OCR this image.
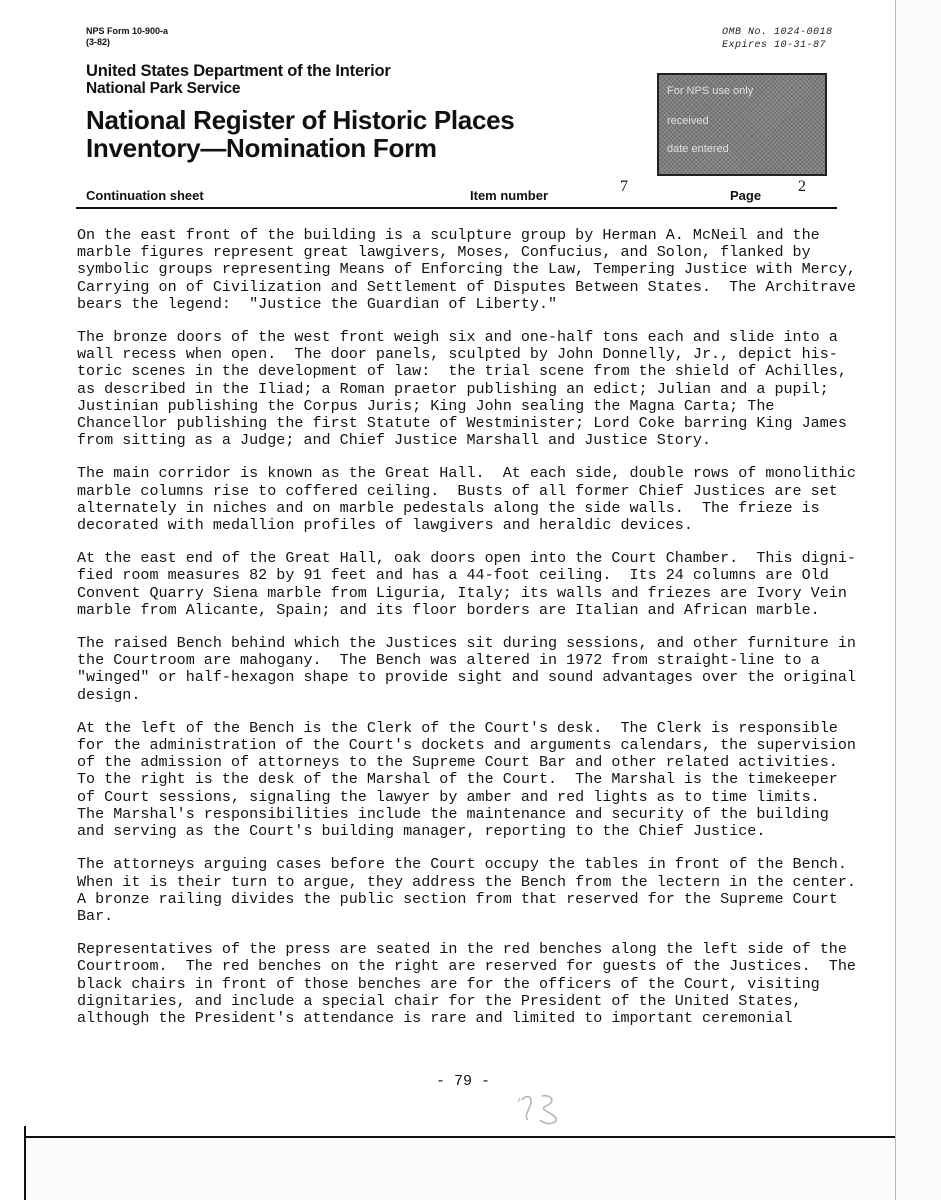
NPS Form 10-900-a
(3-82)
OMB No. 1024-0018
Expires 10-31-87
United States Department of the Interior
National Park Service
National Register of Historic Places
Inventory—Nomination Form
For NPS use only
received
date entered
Continuation sheet	Item number
7
Page
2
On the east front of the building is a sculpture group by Herman A. McNeil and the
marble figures represent great lawgivers, Moses, Confucius, and Solon, flanked by
symbolic groups representing Means of Enforcing the Law, Tempering Justice with Mercy,
Carrying on of Civilization and Settlement of Disputes Between States.  The Architrave
bears the legend:  "Justice the Guardian of Liberty."
The bronze doors of the west front weigh six and one-half tons each and slide into a
wall recess when open.  The door panels, sculpted by John Donnelly, Jr., depict his-
toric scenes in the development of law:  the trial scene from the shield of Achilles,
as described in the Iliad; a Roman praetor publishing an edict; Julian and a pupil;
Justinian publishing the Corpus Juris; King John sealing the Magna Carta; The
Chancellor publishing the first Statute of Westminister; Lord Coke barring King James
from sitting as a Judge; and Chief Justice Marshall and Justice Story.
The main corridor is known as the Great Hall.  At each side, double rows of monolithic
marble columns rise to coffered ceiling.  Busts of all former Chief Justices are set
alternately in niches and on marble pedestals along the side walls.  The frieze is
decorated with medallion profiles of lawgivers and heraldic devices.
At the east end of the Great Hall, oak doors open into the Court Chamber.  This digni-
fied room measures 82 by 91 feet and has a 44-foot ceiling.  Its 24 columns are Old
Convent Quarry Siena marble from Liguria, Italy; its walls and friezes are Ivory Vein
marble from Alicante, Spain; and its floor borders are Italian and African marble.
The raised Bench behind which the Justices sit during sessions, and other furniture in
the Courtroom are mahogany.  The Bench was altered in 1972 from straight-line to a
"winged" or half-hexagon shape to provide sight and sound advantages over the original
design.
At the left of the Bench is the Clerk of the Court's desk.  The Clerk is responsible
for the administration of the Court's dockets and arguments calendars, the supervision
of the admission of attorneys to the Supreme Court Bar and other related activities.
To the right is the desk of the Marshal of the Court.  The Marshal is the timekeeper
of Court sessions, signaling the lawyer by amber and red lights as to time limits.
The Marshal's responsibilities include the maintenance and security of the building
and serving as the Court's building manager, reporting to the Chief Justice.
The attorneys arguing cases before the Court occupy the tables in front of the Bench.
When it is their turn to argue, they address the Bench from the lectern in the center.
A bronze railing divides the public section from that reserved for the Supreme Court
Bar.
Representatives of the press are seated in the red benches along the left side of the
Courtroom.  The red benches on the right are reserved for guests of the Justices.  The
black chairs in front of those benches are for the officers of the Court, visiting
dignitaries, and include a special chair for the President of the United States,
although the President's attendance is rare and limited to important ceremonial
- 79 -
